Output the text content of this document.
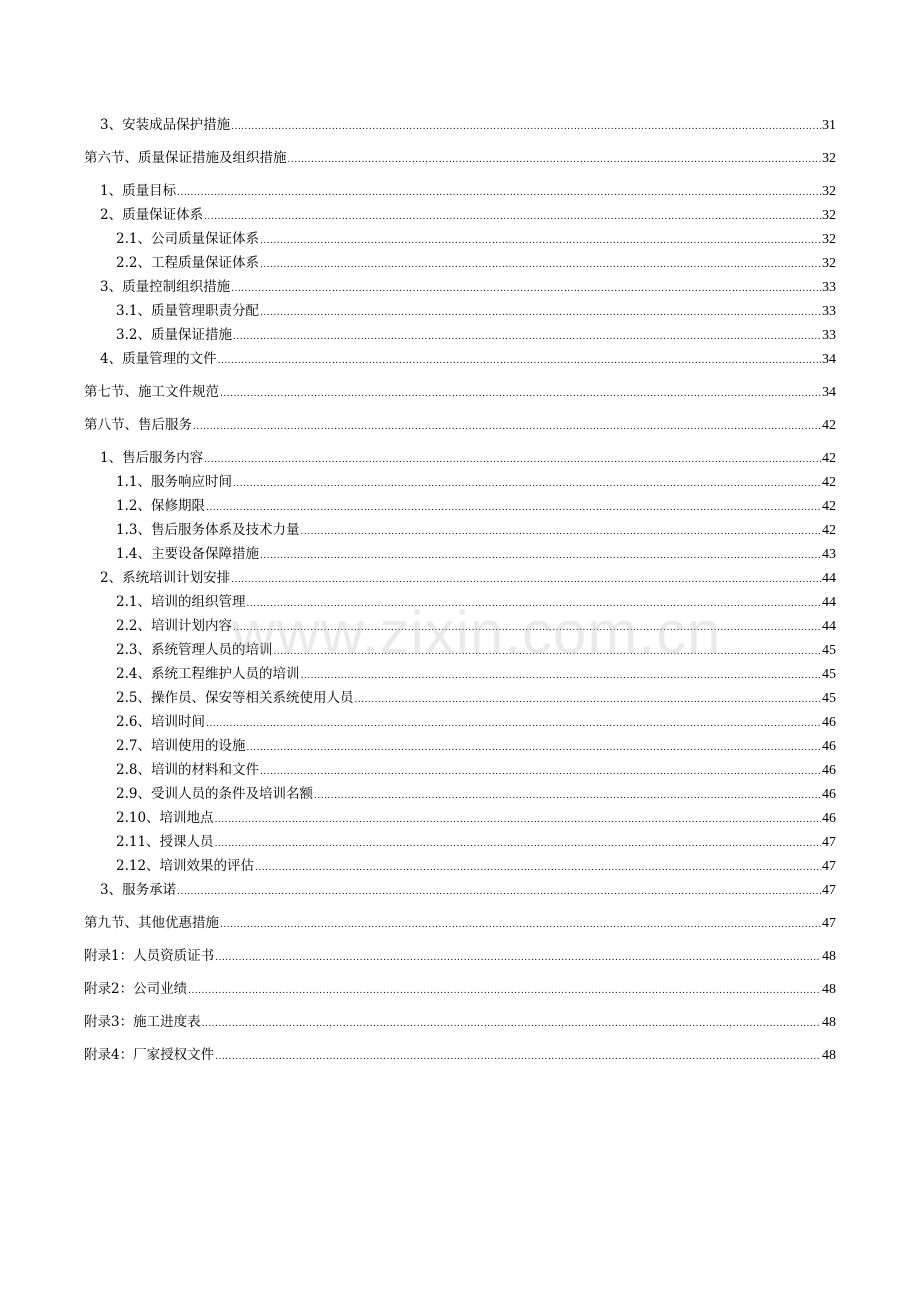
3、安装成品保护措施 .....	31
第六节、质量保证措施及组织措施 .....	32
1、质量目标 .....	32
2、质量保证体系 .....	32
2.1、公司质量保证体系 .....	32
2.2、工程质量保证体系 .....	32
3、质量控制组织措施 .....	33
3.1、质量管理职责分配 .....	33
3.2、质量保证措施 .....	33
4、质量管理的文件 .....	34
第七节、施工文件规范 .....	34
第八节、售后服务 .....	42
1、售后服务内容 .....	42
1.1、服务响应时间 .....	42
1.2、保修期限 .....	42
1.3、售后服务体系及技术力量 .....	42
1.4、主要设备保障措施 .....	43
2、系统培训计划安排 .....	44
2.1、培训的组织管理 .....	44
2.2、培训计划内容 .....	44
2.3、系统管理人员的培训 .....	45
2.4、系统工程维护人员的培训 .....	45
2.5、操作员、保安等相关系统使用人员 .....	45
2.6、培训时间 .....	46
2.7、培训使用的设施 .....	46
2.8、培训的材料和文件 .....	46
2.9、受训人员的条件及培训名额 .....	46
2.10、培训地点 .....	46
2.11、授课人员 .....	47
2.12、培训效果的评估 .....	47
3、服务承诺 .....	47
第九节、其他优惠措施 .....	47
附录1：人员资质证书 .....	48
附录2：公司业绩 .....	48
附录3：施工进度表 .....	48
附录4：厂家授权文件 .....	48
www.zixin.com.cn
